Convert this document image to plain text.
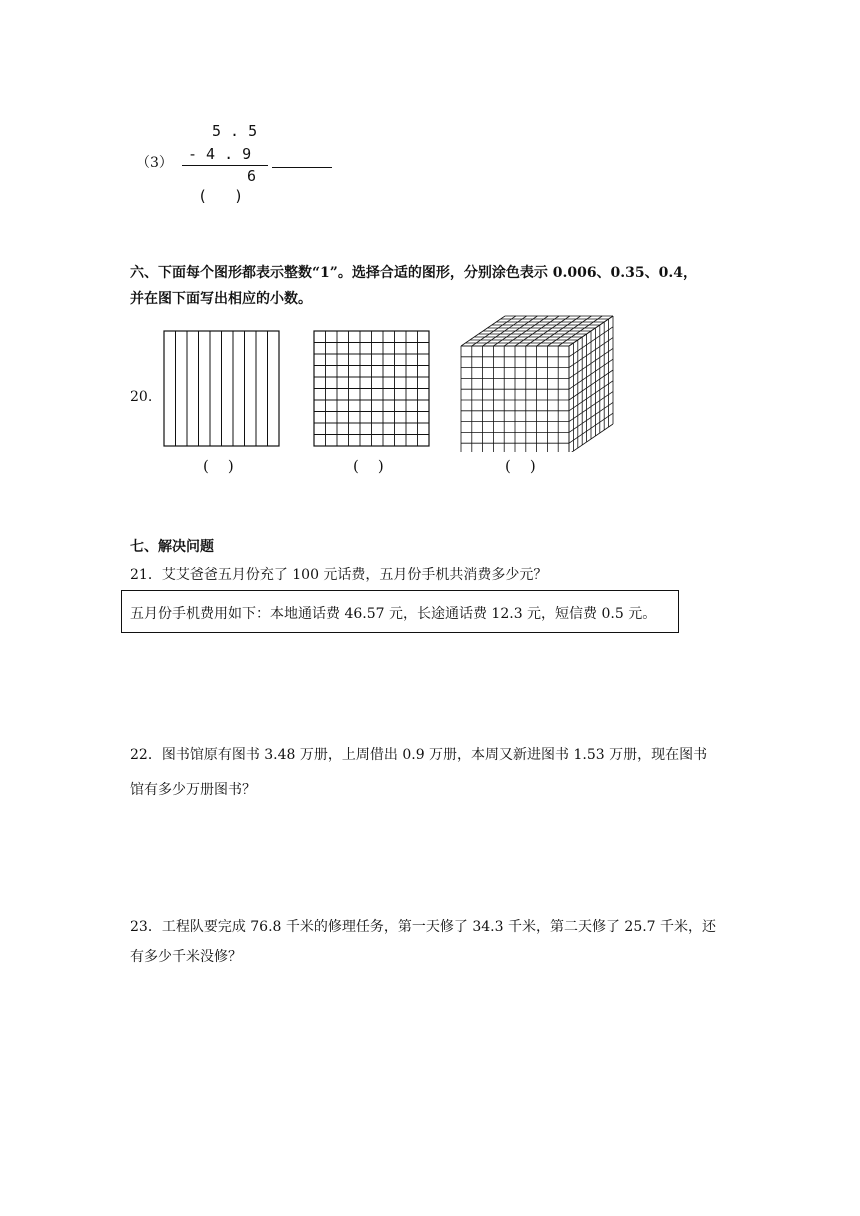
（3）
5 . 5
- 4 . 9
6
(   )
六、下面每个图形都表示整数“1”。选择合适的图形，分别涂色表示 0.006、0.35、0.4，
并在图下面写出相应的小数。
20.
(    )	(    )	(    )
七、解决问题
21．艾艾爸爸五月份充了 100 元话费，五月份手机共消费多少元？
五月份手机费用如下：本地通话费 46.57 元，长途通话费 12.3 元，短信费 0.5 元。
22．图书馆原有图书 3.48 万册，上周借出 0.9 万册，本周又新进图书 1.53 万册，现在图书
馆有多少万册图书？
23．工程队要完成 76.8 千米的修理任务，第一天修了 34.3 千米，第二天修了 25.7 千米，还
有多少千米没修？
